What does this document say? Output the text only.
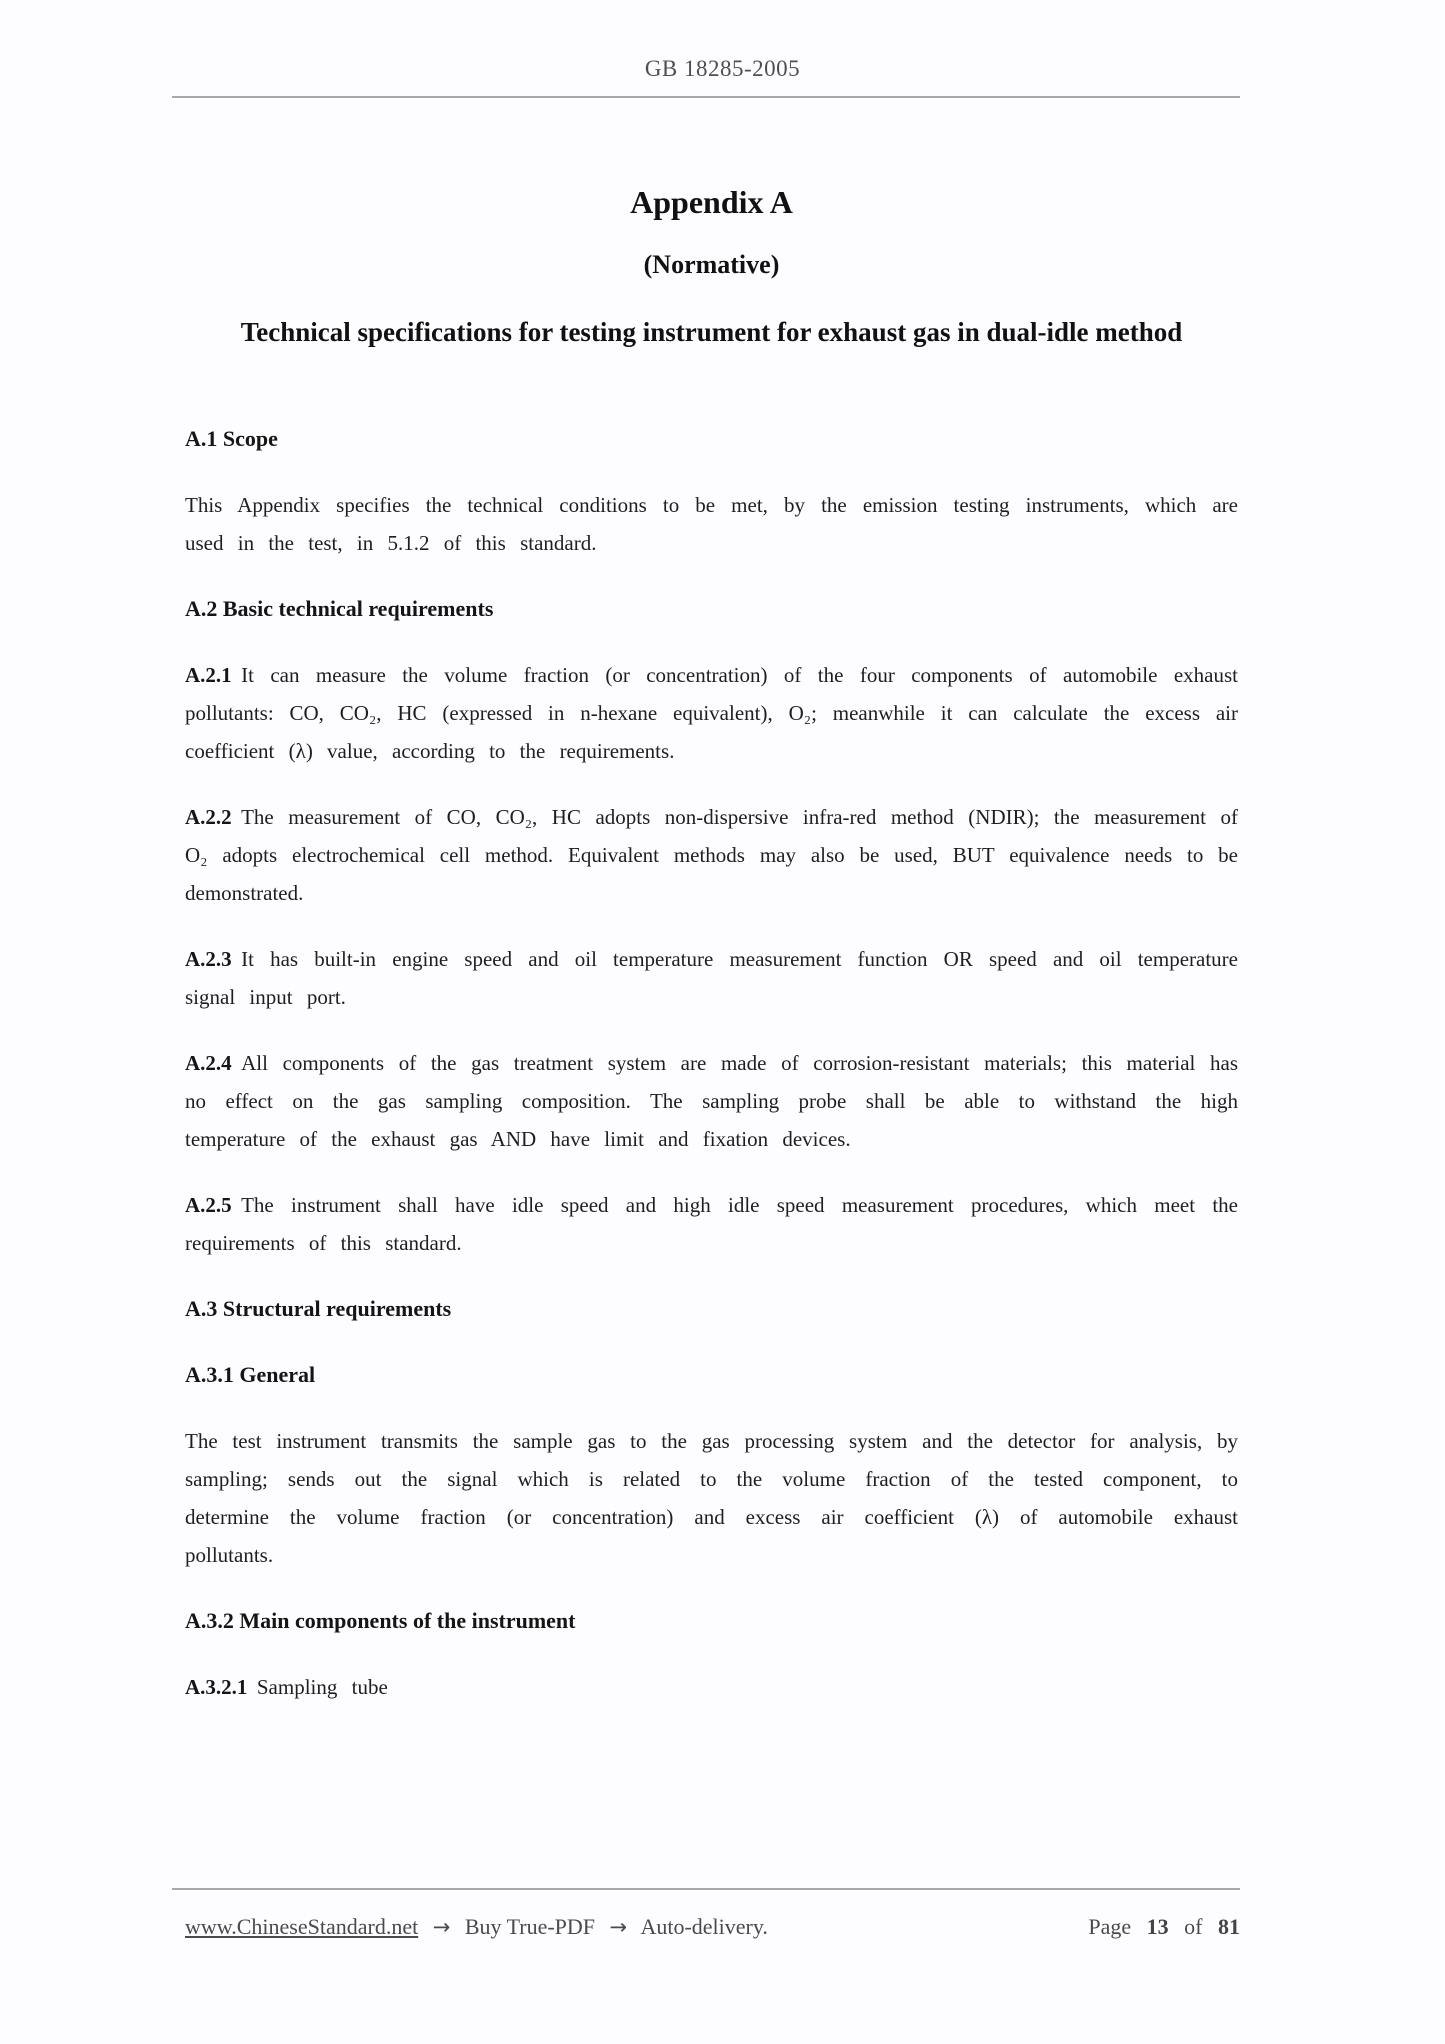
GB 18285-2005
Appendix A
(Normative)
Technical specifications for testing instrument for exhaust gas in dual-idle method
A.1 Scope

This Appendix specifies the technical conditions to be met, by the emission testing instruments, which are used in the test, in 5.1.2 of this standard.

A.2 Basic technical requirements

A.2.1 It can measure the volume fraction (or concentration) of the four components of automobile exhaust pollutants: CO, CO₂, HC (expressed in n-hexane equivalent), O₂; meanwhile it can calculate the excess air coefficient (λ) value, according to the requirements.

A.2.2 The measurement of CO, CO₂, HC adopts non-dispersive infra-red method (NDIR); the measurement of O₂ adopts electrochemical cell method. Equivalent methods may also be used, BUT equivalence needs to be demonstrated.

A.2.3 It has built-in engine speed and oil temperature measurement function OR speed and oil temperature signal input port.

A.2.4 All components of the gas treatment system are made of corrosion-resistant materials; this material has no effect on the gas sampling composition. The sampling probe shall be able to withstand the high temperature of the exhaust gas AND have limit and fixation devices.

A.2.5 The instrument shall have idle speed and high idle speed measurement procedures, which meet the requirements of this standard.

A.3 Structural requirements
A.3.1 General

The test instrument transmits the sample gas to the gas processing system and the detector for analysis, by sampling; sends out the signal which is related to the volume fraction of the tested component, to determine the volume fraction (or concentration) and excess air coefficient (λ) of automobile exhaust pollutants.

A.3.2 Main components of the instrument

A.3.2.1 Sampling tube

www.ChineseStandard.net → Buy True-PDF → Auto-delivery.	Page 13 of 81
